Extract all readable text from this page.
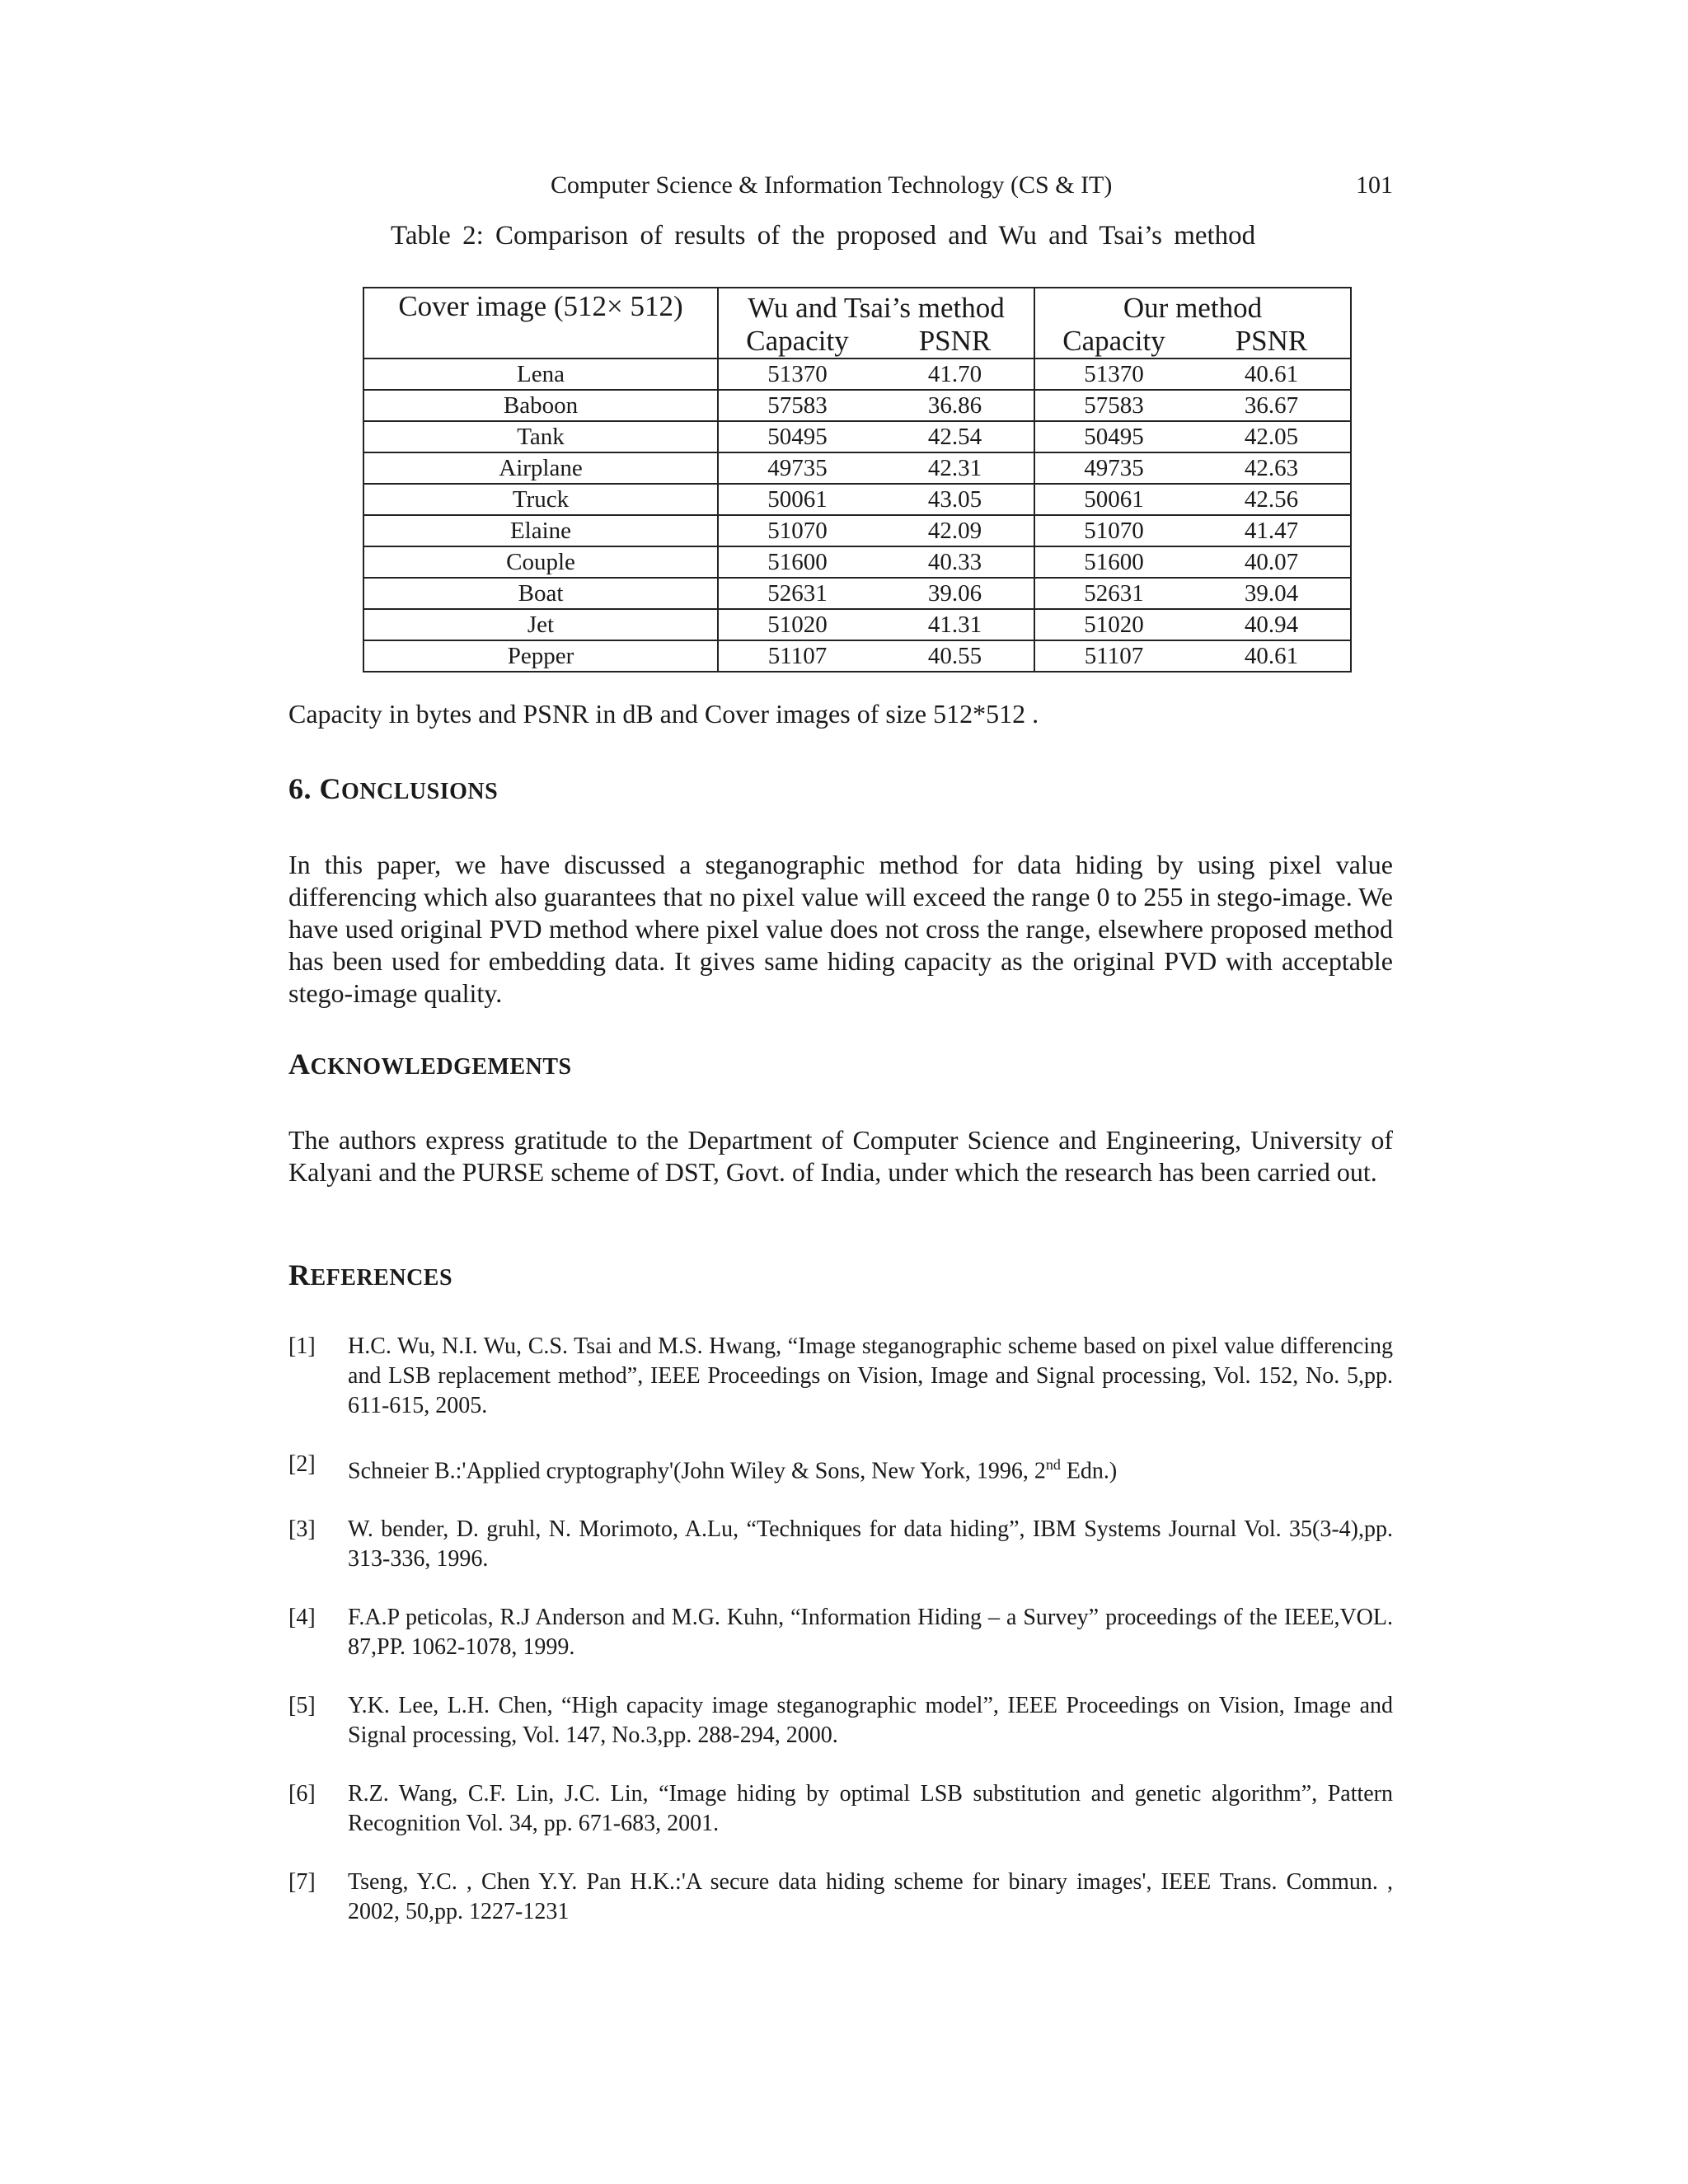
Computer Science & Information Technology (CS & IT)	101
Table 2: Comparison of results of the proposed and Wu and Tsai’s method
Cover image (512× 512)	Wu and Tsai’s method	Our method

	Capacity PSNR	Capacity PSNR

Lena	51370 41.70	51370 40.61

Baboon	57583 36.86	57583 36.67

Tank	50495 42.54	50495 42.05

Airplane	49735 42.31	49735 42.63

Truck	50061 43.05	50061 42.56

Elaine	51070 42.09	51070 41.47

Couple	51600 40.33	51600 40.07

Boat	52631 39.06	52631 39.04

Jet	51020 41.31	51020 40.94

Pepper	51107 40.55	51107 40.61
Capacity in bytes and PSNR in dB and Cover images of size 512*512 .
6. CONCLUSIONS
In this paper, we have discussed a steganographic method for data hiding by using pixel value differencing which also guarantees that no pixel value will exceed the range 0 to 255 in stego-image. We have used original PVD method where pixel value does not cross the range, elsewhere proposed method has been used for embedding data. It gives same hiding capacity as the original PVD with acceptable stego-image quality.
ACKNOWLEDGEMENTS
The authors express gratitude to the Department of Computer Science and Engineering, University of Kalyani and the PURSE scheme of DST, Govt. of India, under which the research has been carried out.
REFERENCES
[1]	H.C. Wu, N.I. Wu, C.S. Tsai and M.S. Hwang, “Image steganographic scheme based on pixel value differencing and LSB replacement method”, IEEE Proceedings on Vision, Image and Signal processing, Vol. 152, No. 5,pp. 611-615, 2005.
[2]	Schneier B.:'Applied cryptography'(John Wiley & Sons, New York, 1996, 2nd Edn.)
[3]	W. bender, D. gruhl, N. Morimoto, A.Lu, “Techniques for data hiding”, IBM Systems Journal Vol. 35(3-4),pp. 313-336, 1996.
[4]	F.A.P peticolas, R.J Anderson and M.G. Kuhn, “Information Hiding – a Survey” proceedings of the IEEE,VOL. 87,PP. 1062-1078, 1999.
[5]	Y.K. Lee, L.H. Chen, “High capacity image steganographic model”, IEEE Proceedings on Vision, Image and Signal processing, Vol. 147, No.3,pp. 288-294, 2000.
[6]	R.Z. Wang, C.F. Lin, J.C. Lin, “Image hiding by optimal LSB substitution and genetic algorithm”, Pattern Recognition Vol. 34, pp. 671-683, 2001.
[7]	Tseng, Y.C. , Chen Y.Y. Pan H.K.:'A secure data hiding scheme for binary images', IEEE Trans. Commun. , 2002, 50,pp. 1227-1231
